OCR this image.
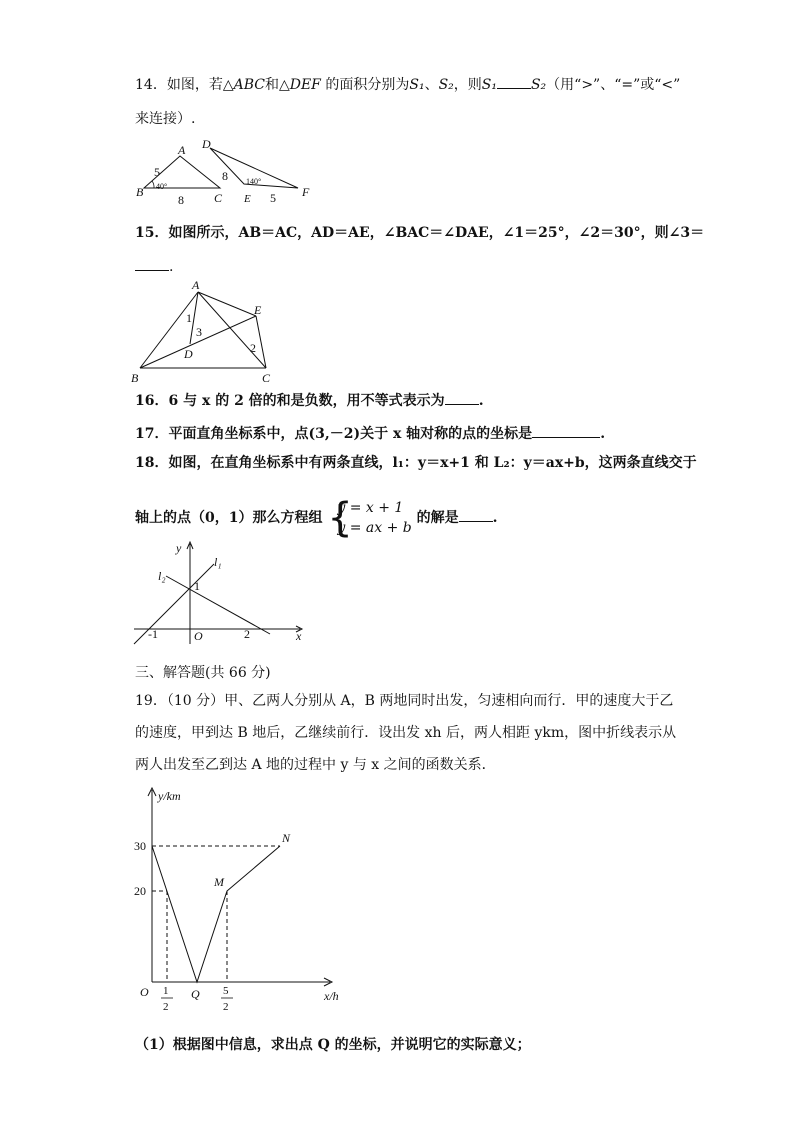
14．如图，若△ABC和△DEF 的面积分别为S₁、S₂，则S₁ S₂（用“>”、“=”或“<”
来连接）.
A
B	C
5
8
40°
D
E	F
8
5
140°
15．如图所示，AB＝AC，AD＝AE，∠BAC＝∠DAE，∠1＝25°，∠2＝30°，则∠3＝
.
A
B	C
D
E
1
2
3
16．6 与 x 的 2 倍的和是负数，用不等式表示为 .
17．平面直角坐标系中，点(3,－2)关于 x 轴对称的点的坐标是	.
18．如图，在直角坐标系中有两条直线，l₁：y＝x+1 和 L₂：y＝ax+b，这两条直线交于
轴上的点（0，1）那么方程组 {
y = x + 1
y = ax + b
的解是 .
y
x
O
l₁
l₂
1
-1	2
三、解答题(共 66 分)
19．（10 分）甲、乙两人分别从 A，B 两地同时出发，匀速相向而行．甲的速度大于乙
的速度，甲到达 B 地后，乙继续前行．设出发 xh 后，两人相距 ykm，图中折线表示从
两人出发至乙到达 A 地的过程中 y 与 x 之间的函数关系．
y/km
x/h
O
30
20
M
N
Q
1
2
5
2
（1）根据图中信息，求出点 Q 的坐标，并说明它的实际意义；
